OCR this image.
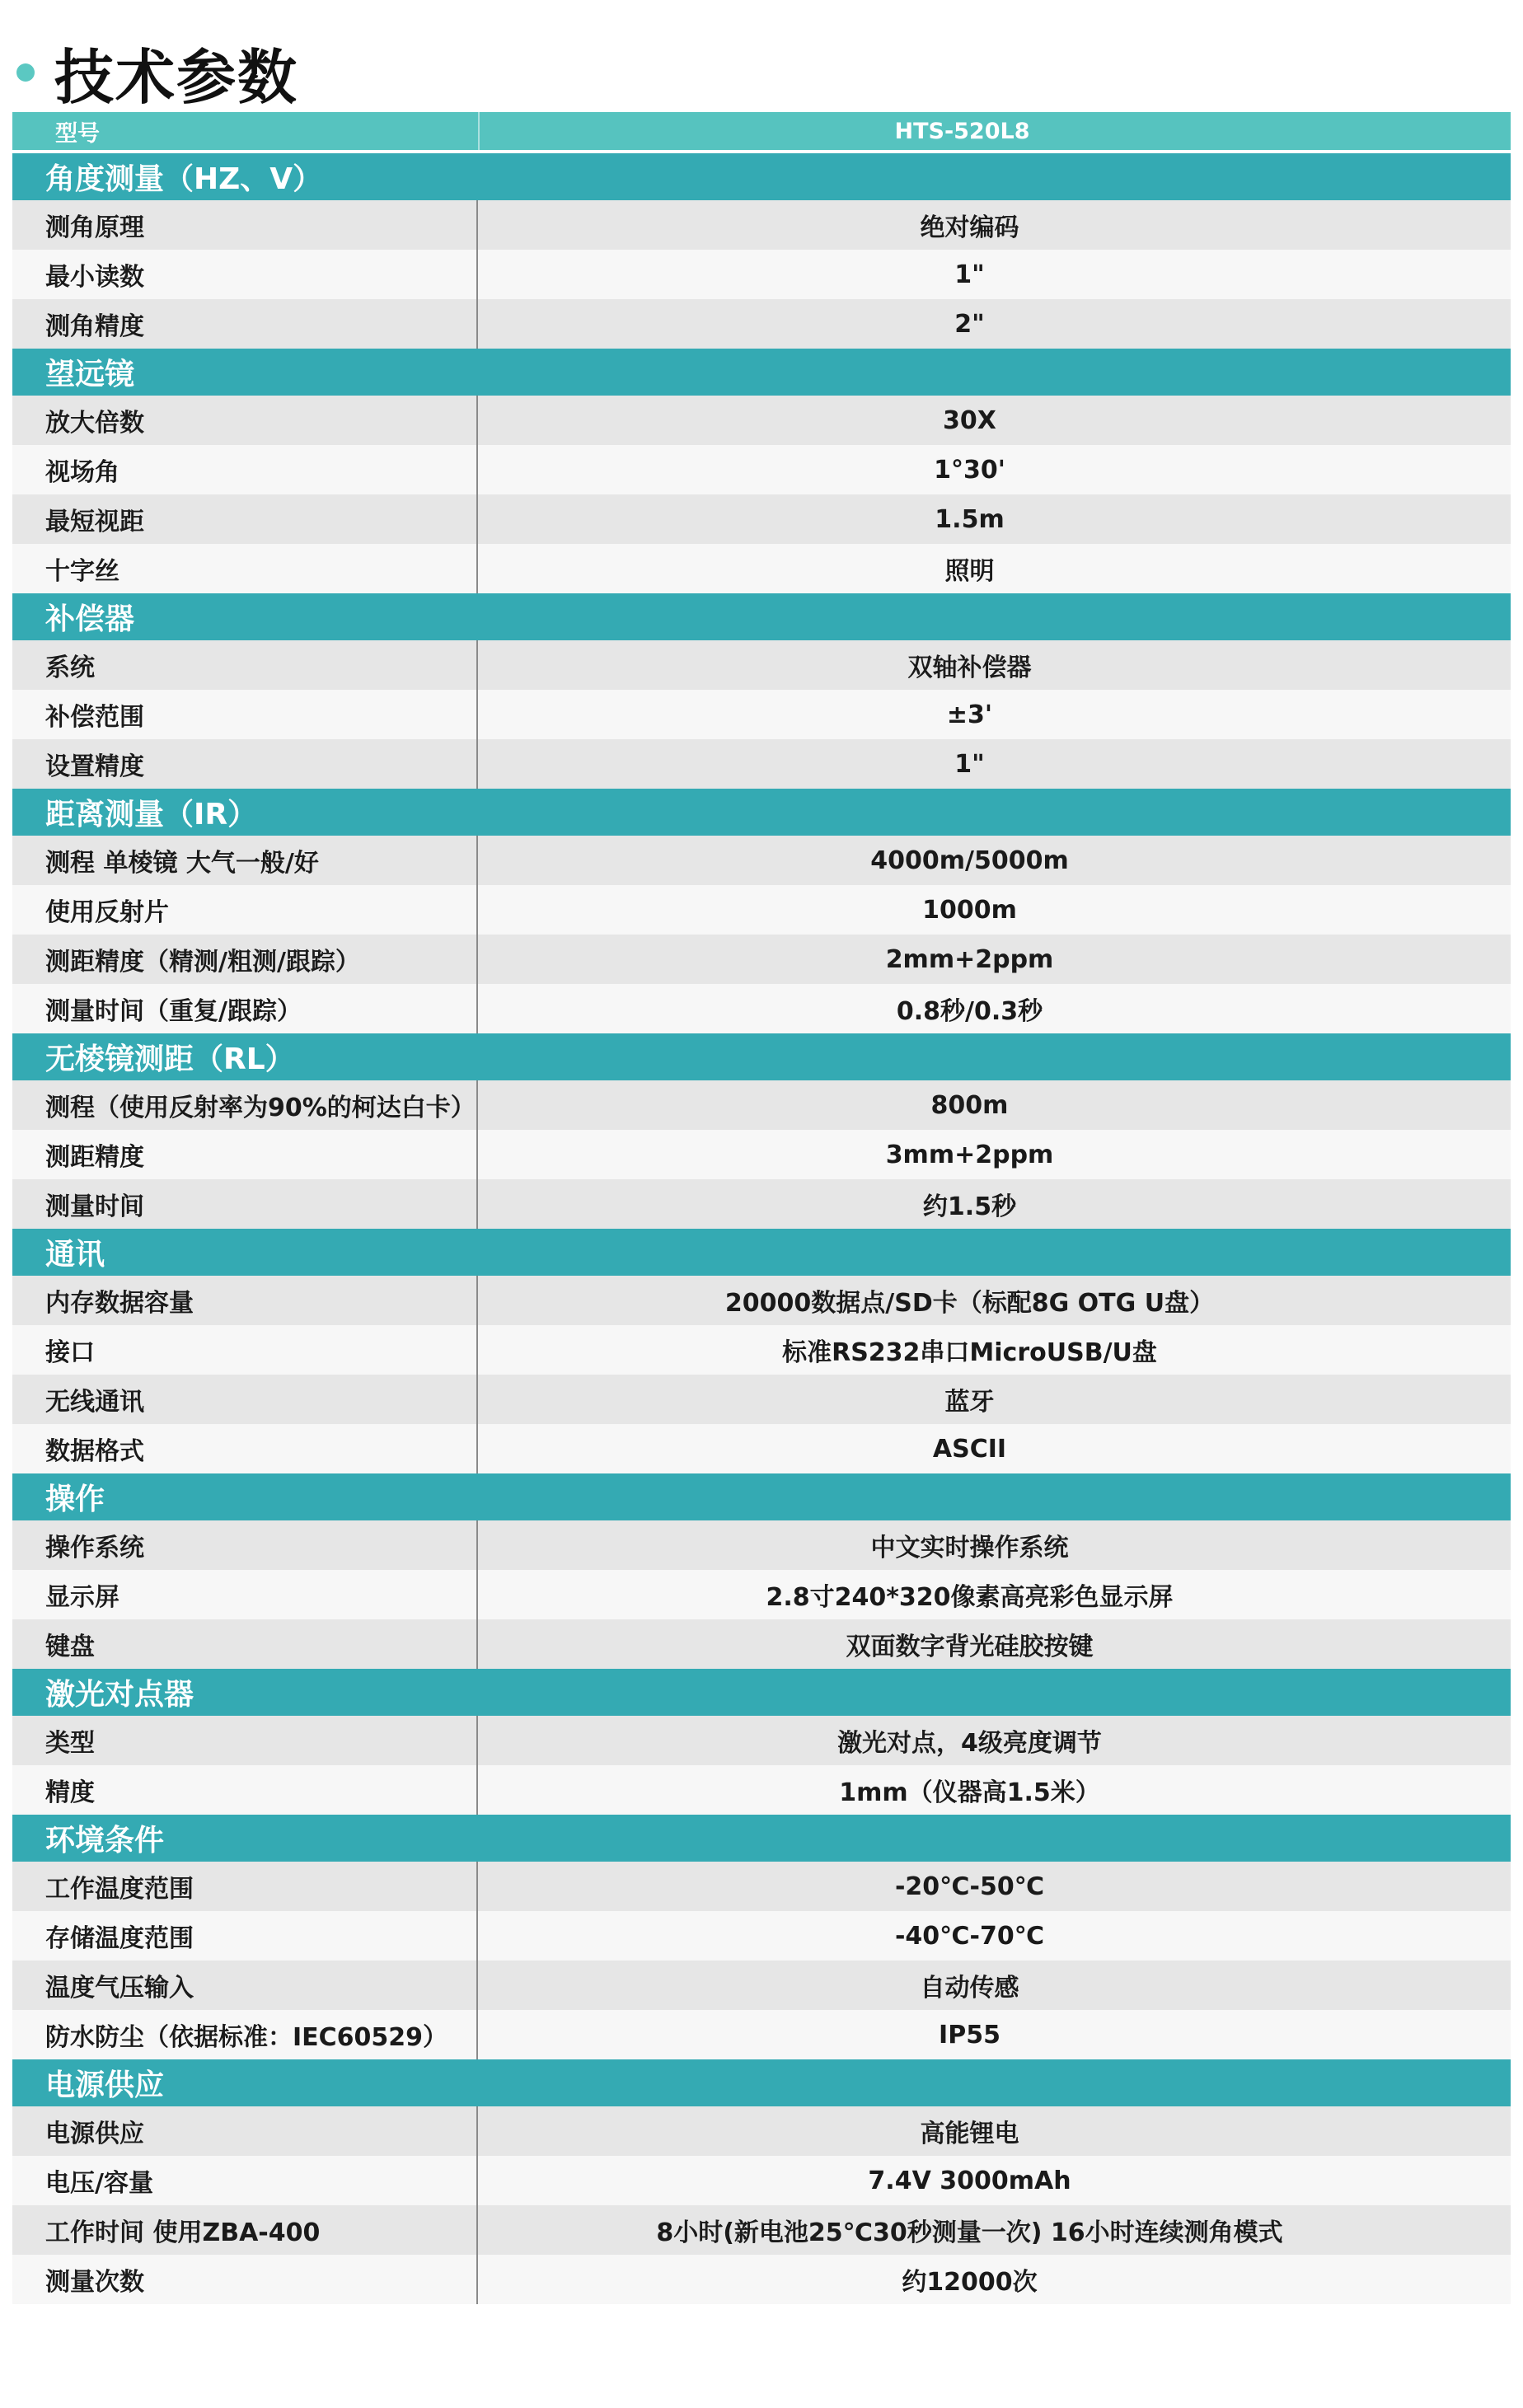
技术参数
型号	HTS-520L8
角度测量（HZ、V）
测角原理	绝对编码
最小读数	1"
测角精度	2"
望远镜
放大倍数	30X
视场角	1°30'
最短视距	1.5m
十字丝	照明
补偿器
系统	双轴补偿器
补偿范围	±3'
设置精度	1"
距离测量（IR）
测程 单棱镜 大气一般/好	4000m/5000m
使用反射片	1000m
测距精度（精测/粗测/跟踪）	2mm+2ppm
测量时间（重复/跟踪）	0.8秒/0.3秒
无棱镜测距（RL）
测程（使用反射率为90%的柯达白卡）	800m
测距精度	3mm+2ppm
测量时间	约1.5秒
通讯
内存数据容量	20000数据点/SD卡（标配8G OTG U盘）
接口	标准RS232串口MicroUSB/U盘
无线通讯	蓝牙
数据格式	ASCII
操作
操作系统	中文实时操作系统
显示屏	2.8寸240*320像素高亮彩色显示屏
键盘	双面数字背光硅胶按键
激光对点器
类型	激光对点，4级亮度调节
精度	1mm（仪器高1.5米）
环境条件
工作温度范围	-20℃-50℃
存储温度范围	-40℃-70℃
温度气压输入	自动传感
防水防尘（依据标准：IEC60529）	IP55
电源供应
电源供应	高能锂电
电压/容量	7.4V 3000mAh
工作时间 使用ZBA-400	8小时(新电池25℃30秒测量一次) 16小时连续测角模式
测量次数	约12000次
